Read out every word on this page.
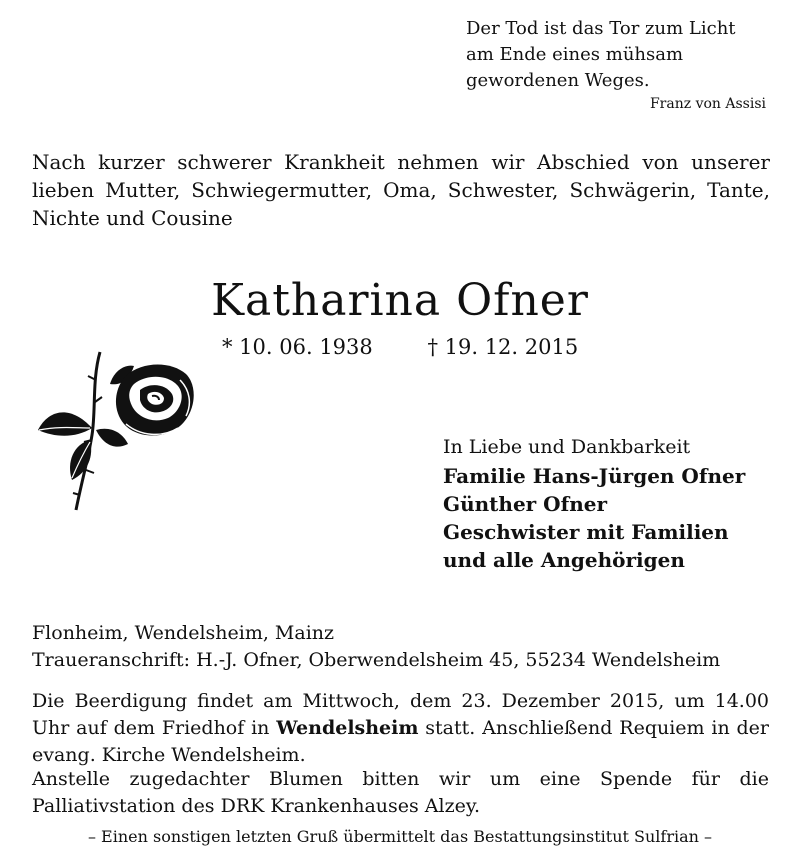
Der Tod ist das Tor zum Licht
am Ende eines mühsam
gewordenen Weges.
Franz von Assisi
Nach kurzer schwerer Krankheit nehmen wir Abschied von unserer lieben Mutter, Schwiegermutter, Oma, Schwester, Schwägerin, Tante, Nichte und Cousine
Katharina Ofner
* 10. 06. 1938	† 19. 12. 2015
In Liebe und Dankbarkeit
Familie Hans-Jürgen Ofner
Günther Ofner
Geschwister mit Familien
und alle Angehörigen
Flonheim, Wendelsheim, Mainz
Traueranschrift: H.-J. Ofner, Oberwendelsheim 45, 55234 Wendelsheim
Die Beerdigung findet am Mittwoch, dem 23. Dezember 2015, um 14.00 Uhr auf dem Friedhof in Wendelsheim statt. Anschließend Requiem in der evang. Kirche Wendelsheim.
Anstelle zugedachter Blumen bitten wir um eine Spende für die Palliativstation des DRK Krankenhauses Alzey.
– Einen sonstigen letzten Gruß übermittelt das Bestattungsinstitut Sulfrian –
